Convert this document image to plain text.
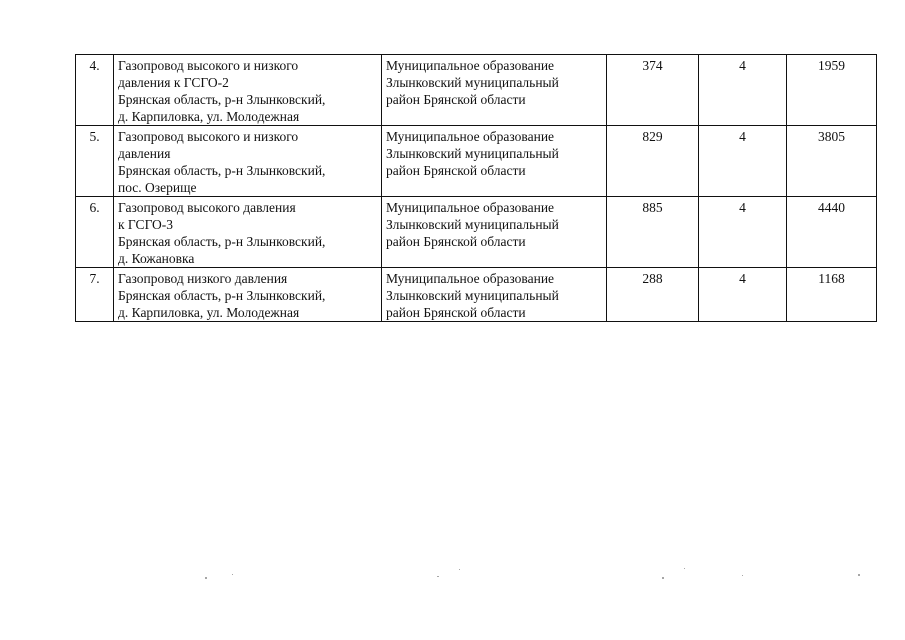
4.	Газопровод высокого и низкого
давления к ГСГО-2
Брянская область, р-н Злынковский,
д. Карпиловка, ул. Молодежная	Муниципальное образование
Злынковский муниципальный
район Брянской области	374	4	1959
5.	Газопровод высокого и низкого
давления
Брянская область, р-н Злынковский,
пос. Озерище	Муниципальное образование
Злынковский муниципальный
район Брянской области	829	4	3805
6.	Газопровод высокого давления
к ГСГО-3
Брянская область, р-н Злынковский,
д. Кожановка	Муниципальное образование
Злынковский муниципальный
район Брянской области	885	4	4440
7.	Газопровод низкого давления
Брянская область, р-н Злынковский,
д. Карпиловка, ул. Молодежная	Муниципальное образование
Злынковский муниципальный
район Брянской области	288	4	1168
